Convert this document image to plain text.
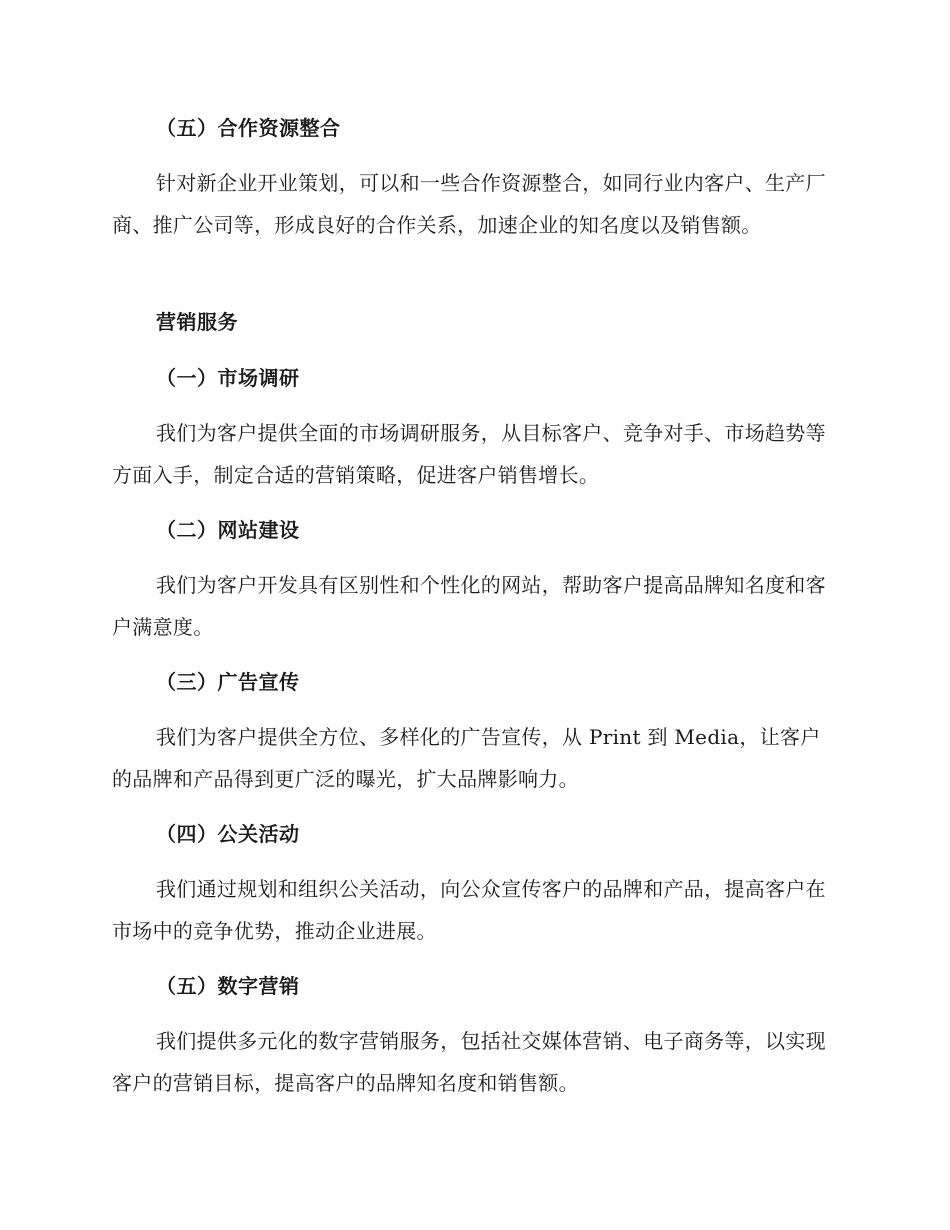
（五）合作资源整合

针对新企业开业策划，可以和一些合作资源整合，如同行业内客户、生产厂商、推广公司等，形成良好的合作关系，加速企业的知名度以及销售额。

营销服务
（一）市场调研

我们为客户提供全面的市场调研服务，从目标客户、竞争对手、市场趋势等方面入手，制定合适的营销策略，促进客户销售增长。

（二）网站建设

我们为客户开发具有区别性和个性化的网站，帮助客户提高品牌知名度和客户满意度。

（三）广告宣传

我们为客户提供全方位、多样化的广告宣传，从 Print 到 Media，让客户的品牌和产品得到更广泛的曝光，扩大品牌影响力。

（四）公关活动

我们通过规划和组织公关活动，向公众宣传客户的品牌和产品，提高客户在市场中的竞争优势，推动企业进展。

（五）数字营销

我们提供多元化的数字营销服务，包括社交媒体营销、电子商务等，以实现客户的营销目标，提高客户的品牌知名度和销售额。
